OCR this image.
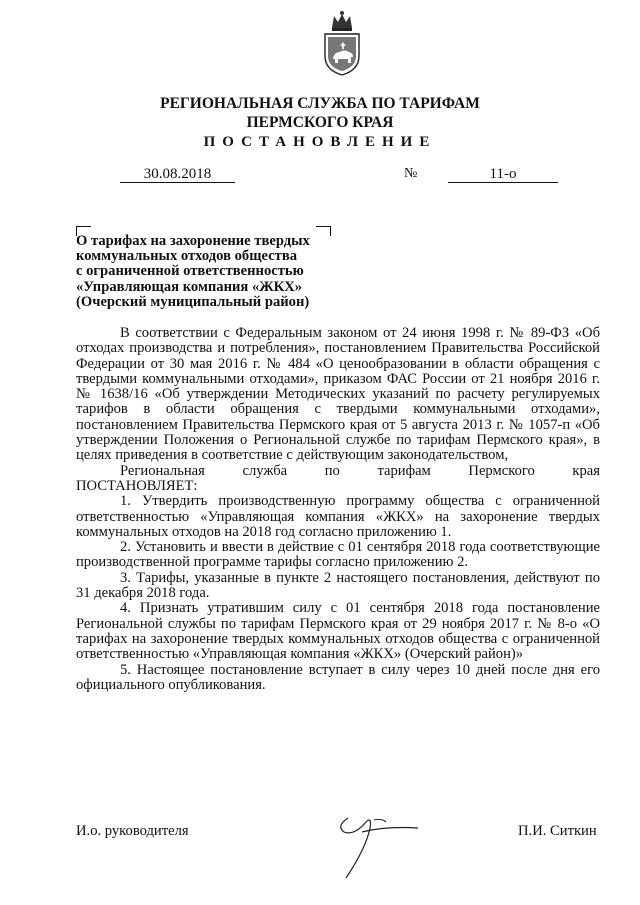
РЕГИОНАЛЬНАЯ СЛУЖБА ПО ТАРИФАМ
ПЕРМСКОГО КРАЯ
ПОСТАНОВЛЕНИЕ
30.08.2018	№	11-о
О тарифах на захоронение твердых
коммунальных отходов общества
с ограниченной ответственностью
«Управляющая компания «ЖКХ»
(Очерский муниципальный район)

В соответствии с Федеральным законом от 24 июня 1998 г. № 89-ФЗ «Об отходах производства и потребления», постановлением Правительства Российской Федерации от 30 мая 2016 г. № 484 «О ценообразовании в области обращения с твердыми коммунальными отходами», приказом ФАС России от 21 ноября 2016 г. № 1638/16 «Об утверждении Методических указаний по расчету регулируемых тарифов в области обращения с твердыми коммунальными отходами», постановлением Правительства Пермского края от 5 августа 2013 г. № 1057-п «Об утверждении Положения о Региональной службе по тарифам Пермского края», в целях приведения в соответствие с действующим законодательством,

Региональная служба по тарифам Пермского края

ПОСТАНОВЛЯЕТ:

1. Утвердить производственную программу общества с ограниченной ответственностью «Управляющая компания «ЖКХ» на захоронение твердых коммунальных отходов на 2018 год согласно приложению 1.

2. Установить и ввести в действие с 01 сентября 2018 года соответствующие производственной программе тарифы согласно приложению 2.

3. Тарифы, указанные в пункте 2 настоящего постановления, действуют по 31 декабря 2018 года.

4. Признать утратившим силу с 01 сентября 2018 года постановление Региональной службы по тарифам Пермского края от 29 ноября 2017 г. № 8-о «О тарифах на захоронение твердых коммунальных отходов общества с ограниченной ответственностью «Управляющая компания «ЖКХ» (Очерский район)»

5. Настоящее постановление вступает в силу через 10 дней после дня его официального опубликования.

И.о. руководителя	П.И. Ситкин
